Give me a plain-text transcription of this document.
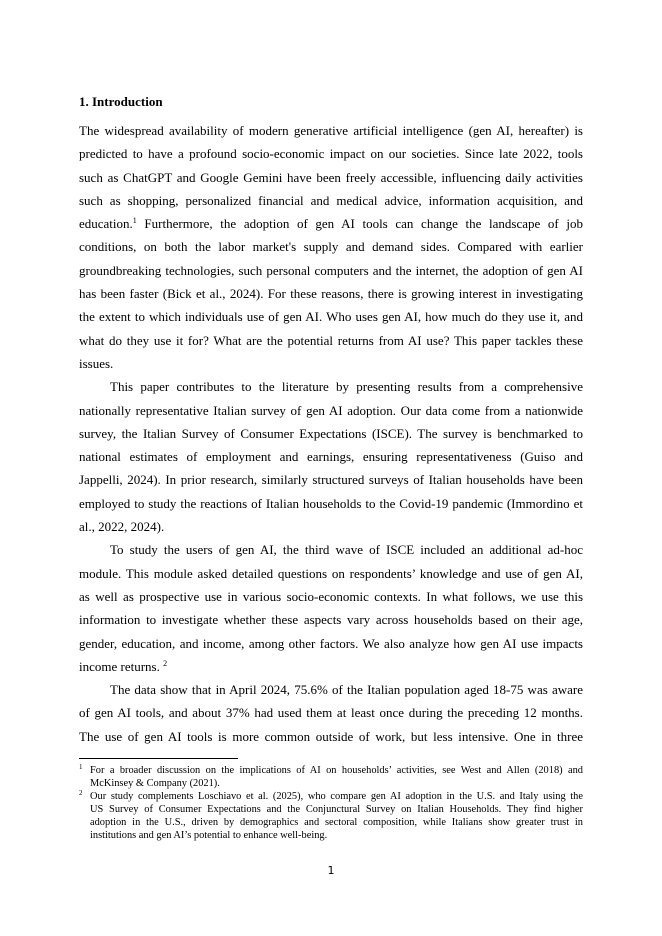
1. Introduction
The widespread availability of modern generative artificial intelligence (gen AI, hereafter) is
predicted to have a profound socio-economic impact on our societies. Since late 2022, tools
such as ChatGPT and Google Gemini have been freely accessible, influencing daily activities
such as shopping, personalized financial and medical advice, information acquisition, and
education.$^1$ Furthermore, the adoption of gen AI tools can change the landscape of job
conditions, on both the labor market's supply and demand sides. Compared with earlier
groundbreaking technologies, such personal computers and the internet, the adoption of gen AI
has been faster (Bick et al., 2024). For these reasons, there is growing interest in investigating
the extent to which individuals use of gen AI. Who uses gen AI, how much do they use it, and
what do they use it for? What are the potential returns from AI use? This paper tackles these
issues.
This paper contributes to the literature by presenting results from a comprehensive
nationally representative Italian survey of gen AI adoption. Our data come from a nationwide
survey, the Italian Survey of Consumer Expectations (ISCE). The survey is benchmarked to
national estimates of employment and earnings, ensuring representativeness (Guiso and
Jappelli, 2024). In prior research, similarly structured surveys of Italian households have been
employed to study the reactions of Italian households to the Covid-19 pandemic (Immordino et
al., 2022, 2024).
To study the users of gen AI, the third wave of ISCE included an additional ad-hoc
module. This module asked detailed questions on respondents’ knowledge and use of gen AI,
as well as prospective use in various socio-economic contexts. In what follows, we use this
information to investigate whether these aspects vary across households based on their age,
gender, education, and income, among other factors. We also analyze how gen AI use impacts
income returns. $^2$
The data show that in April 2024, 75.6% of the Italian population aged 18-75 was aware
of gen AI tools, and about 37% had used them at least once during the preceding 12 months.
The use of gen AI tools is more common outside of work, but less intensive. One in three
1 For a broader discussion on the implications of AI on households’ activities, see West and Allen (2018) and
McKinsey & Company (2021).
2 Our study complements Loschiavo et al. (2025), who compare gen AI adoption in the U.S. and Italy using the
US Survey of Consumer Expectations and the Conjunctural Survey on Italian Households. They find higher
adoption in the U.S., driven by demographics and sectoral composition, while Italians show greater trust in
institutions and gen AI’s potential to enhance well-being.
1
